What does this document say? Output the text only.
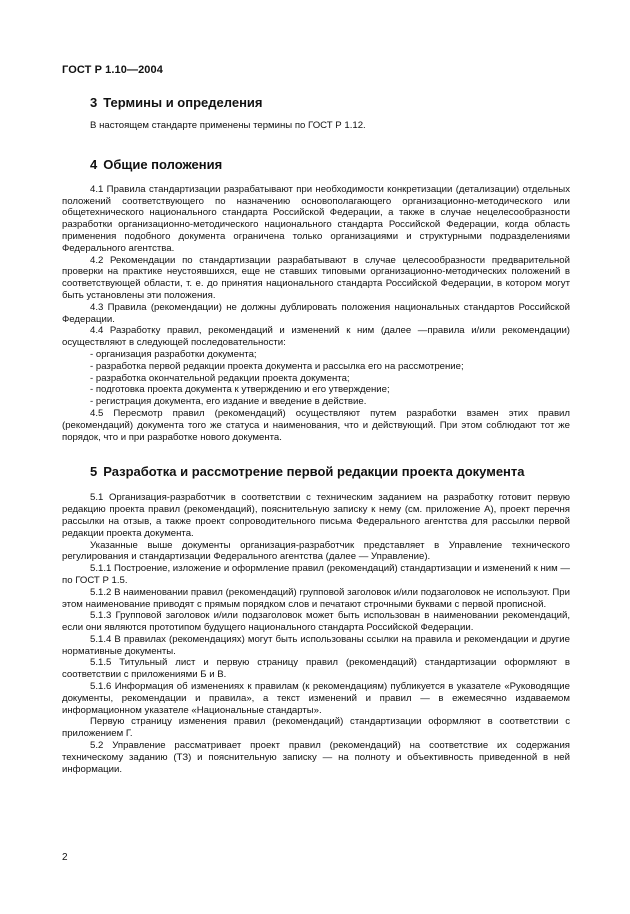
ГОСТ Р 1.10—2004
3 Термины и определения

В настоящем стандарте применены термины по ГОСТ Р 1.12.

4 Общие положения

4.1 Правила стандартизации разрабатывают при необходимости конкретизации (детализации) отдельных положений соответствующего по назначению основополагающего организационно-методического или общетехнического национального стандарта Российской Федерации, а также в случае нецелесообразности разработки организационно-методического национального стандарта Российской Федерации, когда область применения подобного документа ограничена только организациями и структурными подразделениями Федерального агентства.

4.2 Рекомендации по стандартизации разрабатывают в случае целесообразности предварительной проверки на практике неустоявшихся, еще не ставших типовыми организационно-методических положений в соответствующей области, т. е. до принятия национального стандарта Российской Федерации, в котором могут быть установлены эти положения.

4.3 Правила (рекомендации) не должны дублировать положения национальных стандартов Российской Федерации.

4.4 Разработку правил, рекомендаций и изменений к ним (далее —правила и/или рекомендации) осуществляют в следующей последовательности:

- организация разработки документа;

- разработка первой редакции проекта документа и рассылка его на рассмотрение;

- разработка окончательной редакции проекта документа;

- подготовка проекта документа к утверждению и его утверждение;

- регистрация документа, его издание и введение в действие.

4.5 Пересмотр правил (рекомендаций) осуществляют путем разработки взамен этих правил (рекомендаций) документа того же статуса и наименования, что и действующий. При этом соблюдают тот же порядок, что и при разработке нового документа.

5 Разработка и рассмотрение первой редакции проекта документа

5.1 Организация-разработчик в соответствии с техническим заданием на разработку готовит первую редакцию проекта правил (рекомендаций), пояснительную записку к нему (см. приложение А), проект перечня рассылки на отзыв, а также проект сопроводительного письма Федерального агентства для рассылки первой редакции проекта документа.

Указанные выше документы организация-разработчик представляет в Управление технического регулирования и стандартизации Федерального агентства (далее — Управление).

5.1.1 Построение, изложение и оформление правил (рекомендаций) стандартизации и изменений к ним — по ГОСТ Р 1.5.

5.1.2 В наименовании правил (рекомендаций) групповой заголовок и/или подзаголовок не используют. При этом наименование приводят с прямым порядком слов и печатают строчными буквами с первой прописной.

5.1.3 Групповой заголовок и/или подзаголовок может быть использован в наименовании рекомендаций, если они являются прототипом будущего национального стандарта Российской Федерации.

5.1.4 В правилах (рекомендациях) могут быть использованы ссылки на правила и рекомендации и другие нормативные документы.

5.1.5 Титульный лист и первую страницу правил (рекомендаций) стандартизации оформляют в соответствии с приложениями Б и В.

5.1.6 Информация об изменениях к правилам (к рекомендациям) публикуется в указателе «Руководящие документы, рекомендации и правила», а текст изменений и правил — в ежемесячно издаваемом информационном указателе «Национальные стандарты».

Первую страницу изменения правил (рекомендаций) стандартизации оформляют в соответствии с приложением Г.

5.2 Управление рассматривает проект правил (рекомендаций) на соответствие их содержания техническому заданию (ТЗ) и пояснительную записку — на полноту и объективность приведенной в ней информации.

2
